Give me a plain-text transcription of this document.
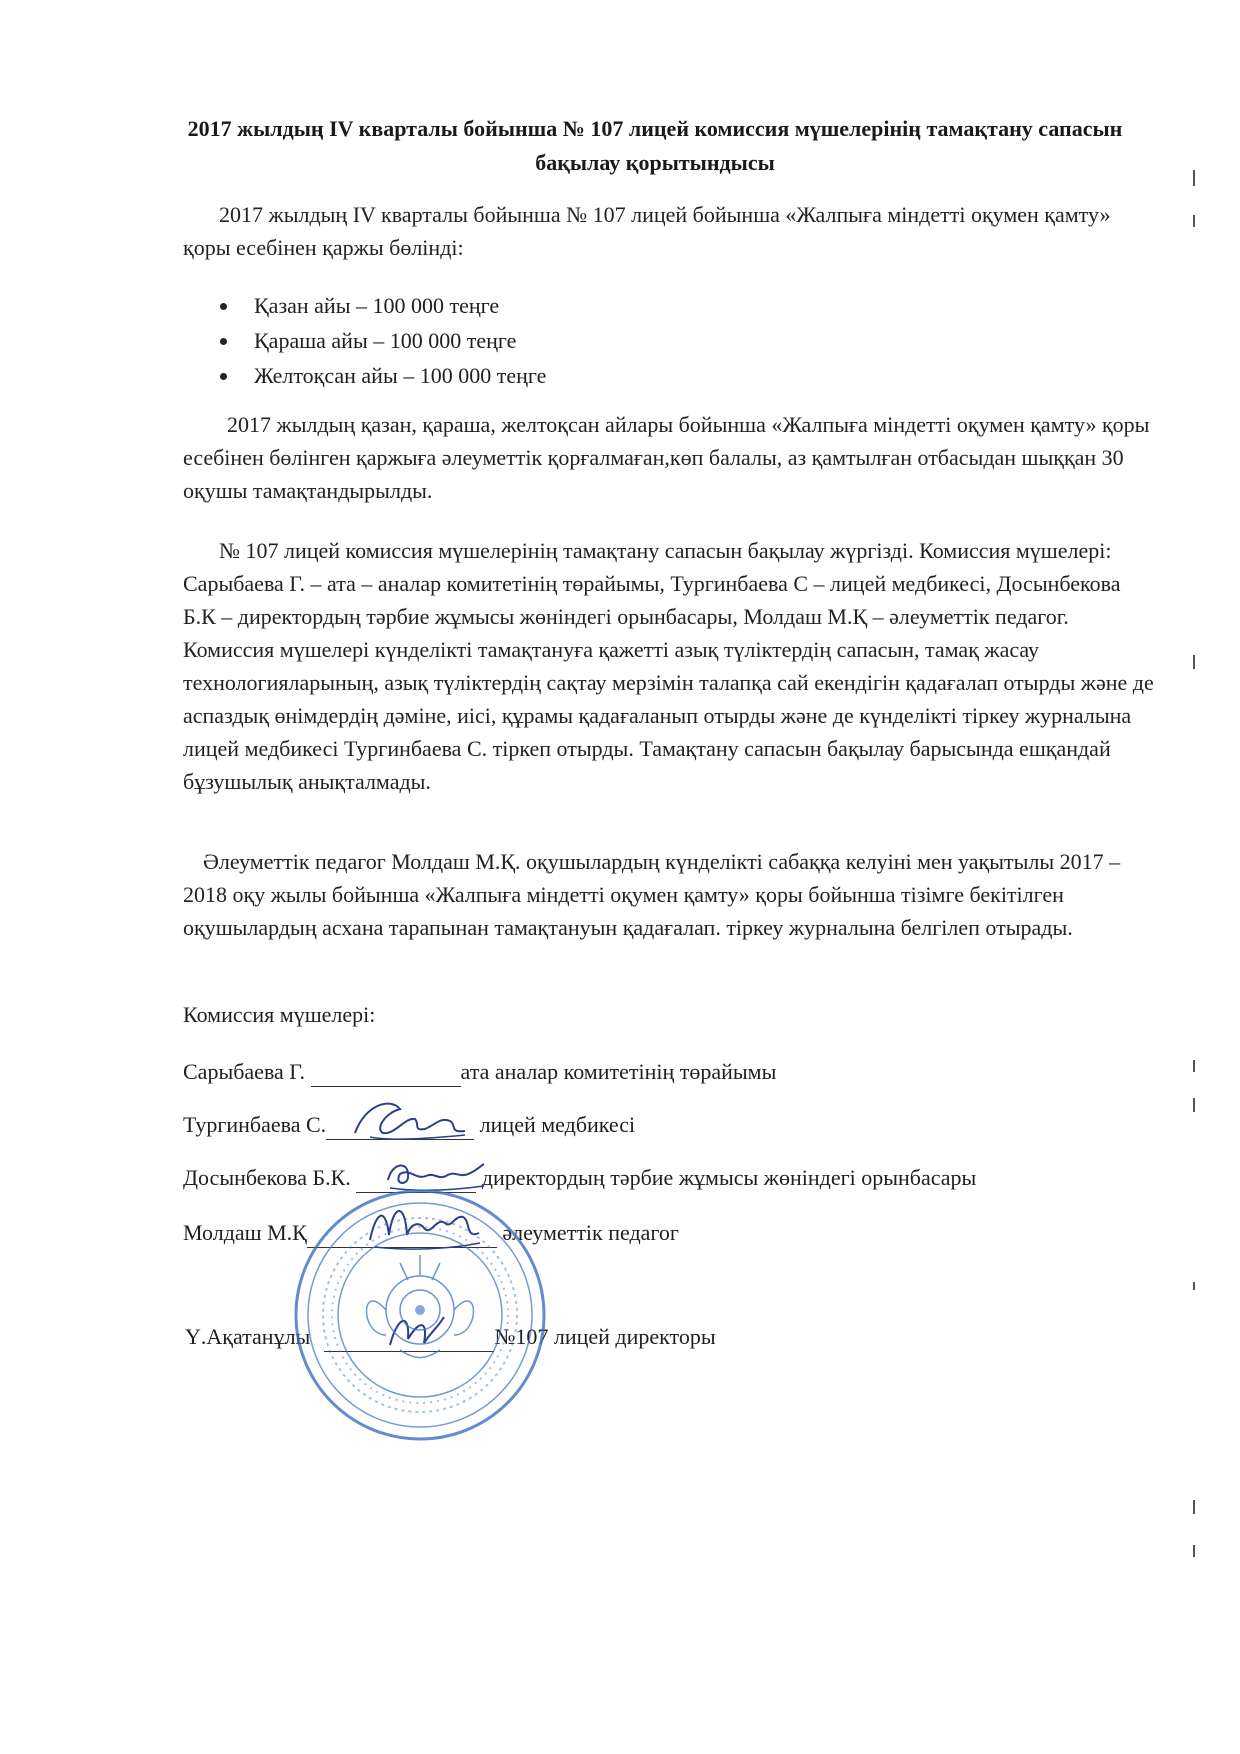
2017 жылдың IV кварталы бойынша № 107 лицей комиссия мүшелерінің тамақтану сапасын бақылау қорытындысы
2017 жылдың IV кварталы бойынша № 107 лицей бойынша «Жалпыға міндетті оқумен қамту» қоры есебінен қаржы бөлінді:
Қазан айы – 100 000 теңге
Қараша айы – 100 000 теңге
Желтоқсан айы – 100 000 теңге
2017 жылдың қазан, қараша, желтоқсан айлары бойынша «Жалпыға міндетті оқумен қамту» қоры есебінен бөлінген қаржыға әлеуметтік қорғалмаған,көп балалы, аз қамтылған отбасыдан шыққан 30 оқушы тамақтандырылды.
№ 107 лицей комиссия мүшелерінің тамақтану сапасын бақылау жүргізді. Комиссия мүшелері: Сарыбаева Г. – ата – аналар комитетінің төрайымы, Тургинбаева С – лицей медбикесі, Досынбекова Б.К – директордың тәрбие жұмысы жөніндегі орынбасары, Молдаш М.Қ – әлеуметтік педагог. Комиссия мүшелері күнделікті тамақтануға қажетті азық түліктердің сапасын, тамақ жасау технологияларының, азық түліктердің сақтау мерзімін талапқа сай екендігін қадағалап отырды және де аспаздық өнімдердің дәміне, иісі, құрамы қадағаланып отырды және де күнделікті тіркеу журналына лицей медбикесі Тургинбаева С. тіркеп отырды. Тамақтану сапасын бақылау барысында ешқандай бұзушылық анықталмады.
Әлеуметтік педагог Молдаш М.Қ. оқушылардың күнделікті сабаққа келуіні мен уақытылы 2017 – 2018 оқу жылы бойынша «Жалпыға міндетті оқумен қамту» қоры бойынша тізімге бекітілген оқушылардың асхана тарапынан тамақтануын қадағалап. тіркеу журналына белгілеп отырады.
Комиссия мүшелері:
Сарыбаева Г.	ата аналар комитетінің төрайымы
Тургинбаева С.	лицей медбикесі
Досынбекова Б.К.	директордың тәрбие жұмысы жөніндегі орынбасары
Молдаш М.Қ	әлеуметтік педагог
Ү.Ақатанұлы	№107 лицей директоры
